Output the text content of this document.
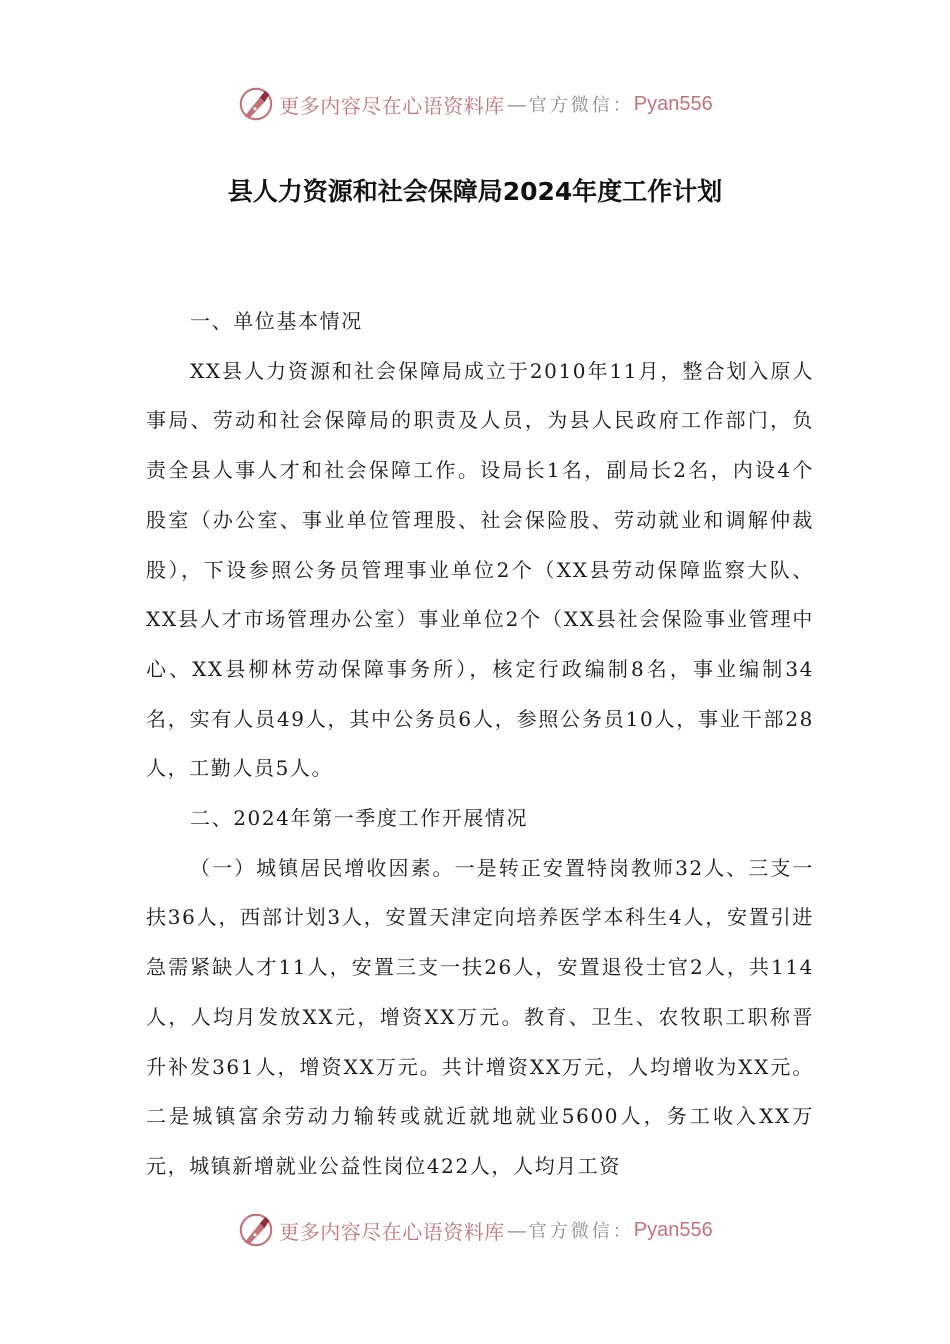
更多内容尽在心语资料库 — 官方微信： Pyan556
县人力资源和社会保障局2024年度工作计划

一、单位基本情况

XX县人力资源和社会保障局成立于2010年11月，整合划入原人事局、劳动和社会保障局的职责及人员，为县人民政府工作部门，负责全县人事人才和社会保障工作。设局长1名，副局长2名，内设4个股室（办公室、事业单位管理股、社会保险股、劳动就业和调解仲裁股），下设参照公务员管理事业单位2个（XX县劳动保障监察大队、XX县人才市场管理办公室）事业单位2个（XX县社会保险事业管理中心、XX县柳林劳动保障事务所），核定行政编制8名，事业编制34名，实有人员49人，其中公务员6人，参照公务员10人，事业干部28人，工勤人员5人。

二、2024年第一季度工作开展情况

（一）城镇居民增收因素。一是转正安置特岗教师32人、三支一扶36人，西部计划3人，安置天津定向培养医学本科生4人，安置引进急需紧缺人才11人，安置三支一扶26人，安置退役士官2人，共114人，人均月发放XX元，增资XX万元。教育、卫生、农牧职工职称晋升补发361人，增资XX万元。共计增资XX万元，人均增收为XX元。二是城镇富余劳动力输转或就近就地就业5600人，务工收入XX万元，城镇新增就业公益性岗位422人，人均月工资

更多内容尽在心语资料库 — 官方微信： Pyan556
